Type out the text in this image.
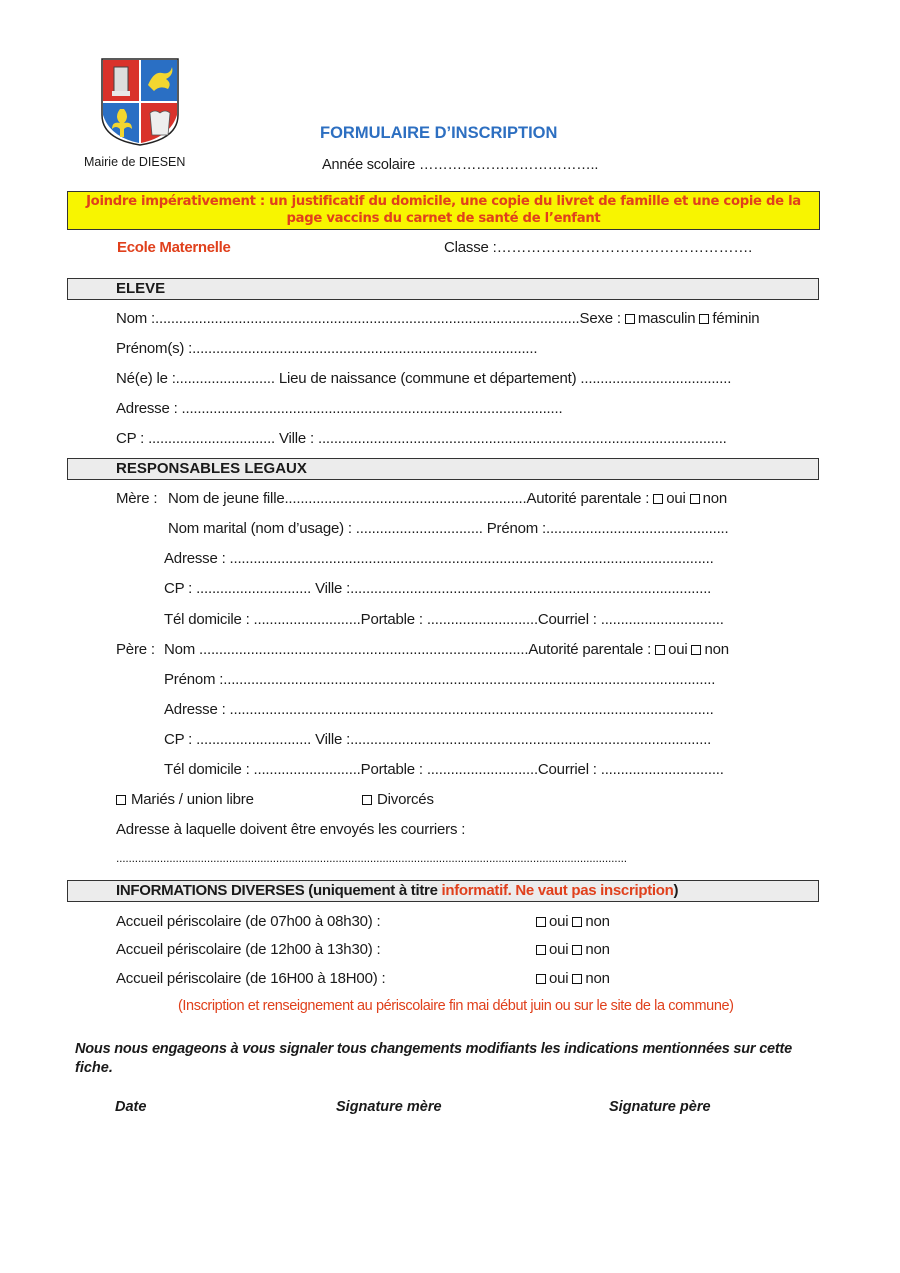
Mairie de DIESEN
FORMULAIRE D’INSCRIPTION
Année scolaire ………………………………..
Joindre impérativement : un justificatif du domicile, une copie du livret de famille et une copie de la
page vaccins du carnet de santé de l’enfant
Ecole Maternelle	Classe :…………………………………………….
ELEVE
Nom :...........................................................................................................Sexe : masculin féminin
Prénom(s) :.......................................................................................
Né(e) le :......................... Lieu de naissance (commune et département) ......................................
Adresse : ................................................................................................
CP : ................................ Ville : .......................................................................................................
RESPONSABLES LEGAUX
Mère : Nom de jeune fille.............................................................Autorité parentale : oui non
Nom marital (nom d’usage) : ................................ Prénom :..............................................
Adresse : ..........................................................................................................................
CP : ............................. Ville :...........................................................................................
Tél domicile : ...........................Portable : ............................Courriel : ...............................
Père : Nom ...................................................................................Autorité parentale : oui non
Prénom :............................................................................................................................
Adresse : ..........................................................................................................................
CP : ............................. Ville :...........................................................................................
Tél domicile : ...........................Portable : ............................Courriel : ...............................
Mariés / union libre	Divorcés
Adresse à laquelle doivent être envoyés les courriers :
...................................................................................................................................................................
INFORMATIONS DIVERSES (uniquement à titre informatif. Ne vaut pas inscription)
Accueil périscolaire (de 07h00 à 08h30) :	oui non
Accueil périscolaire (de 12h00 à 13h30) :	oui non
Accueil périscolaire (de 16H00 à 18H00) :	oui non
(Inscription et renseignement au périscolaire fin mai début juin ou sur le site de la commune)
Nous nous engageons à vous signaler tous changements modifiants les indications mentionnées sur cette
fiche.
Date	Signature mère	Signature père
